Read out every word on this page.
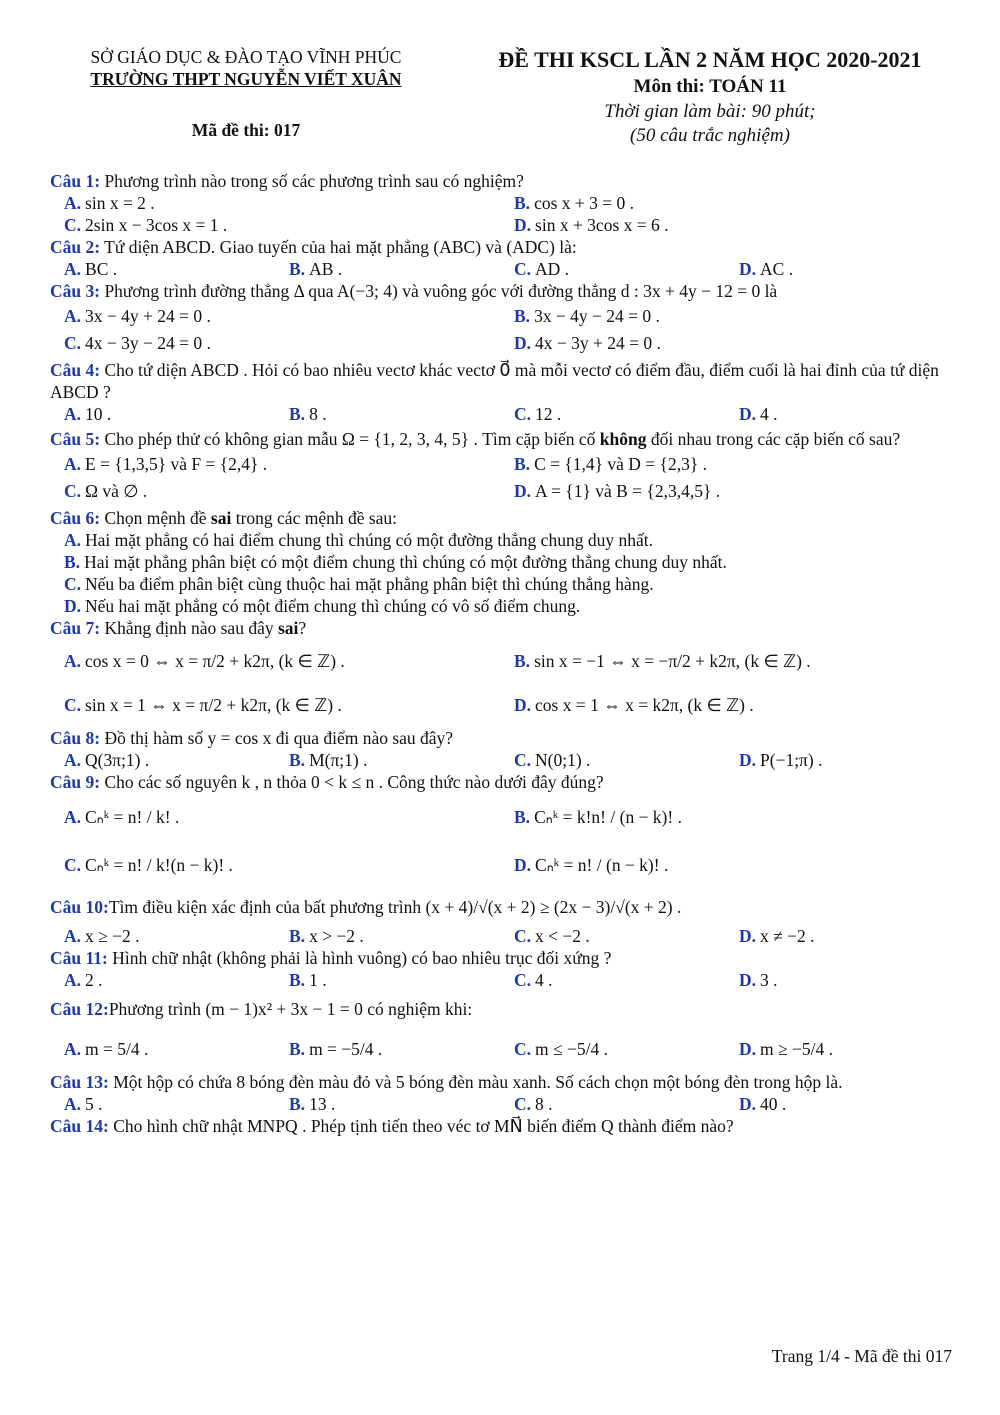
SỞ GIÁO DỤC & ĐÀO TẠO VĨNH PHÚC
TRƯỜNG THPT NGUYỄN VIẾT XUÂN
Mã đề thi: 017
ĐỀ THI KSCL LẦN 2 NĂM HỌC 2020-2021
Môn thi: TOÁN 11
Thời gian làm bài: 90 phút;
(50 câu trắc nghiệm)
Câu 1: Phương trình nào trong số các phương trình sau có nghiệm?
A. sin x = 2 .	B. cos x + 3 = 0 .
C. 2sin x − 3cos x = 1 .	D. sin x + 3cos x = 6 .
Câu 2: Tứ diện ABCD. Giao tuyến của hai mặt phẳng (ABC) và (ADC) là:
A. BC .	B. AB .	C. AD .	D. AC .
Câu 3: Phương trình đường thẳng Δ qua A(−3; 4) và vuông góc với đường thẳng d : 3x + 4y − 12 = 0 là
A. 3x − 4y + 24 = 0 .	B. 3x − 4y − 24 = 0 .
C. 4x − 3y − 24 = 0 .	D. 4x − 3y + 24 = 0 .
Câu 4: Cho tứ diện ABCD . Hỏi có bao nhiêu vectơ khác vectơ 0⃗ mà mỗi vectơ có điểm đầu, điểm cuối là hai đỉnh của tứ diện ABCD ?
A. 10 .	B. 8 .	C. 12 .	D. 4 .
Câu 5: Cho phép thử có không gian mẫu Ω = {1, 2, 3, 4, 5} . Tìm cặp biến cố không đối nhau trong các cặp biến cố sau?
A. E = {1,3,5} và F = {2,4} .	B. C = {1,4} và D = {2,3} .
C. Ω và ∅ .	D. A = {1} và B = {2,3,4,5} .
Câu 6: Chọn mệnh đề sai trong các mệnh đề sau:
A. Hai mặt phẳng có hai điểm chung thì chúng có một đường thẳng chung duy nhất.
B. Hai mặt phẳng phân biệt có một điểm chung thì chúng có một đường thẳng chung duy nhất.
C. Nếu ba điểm phân biệt cùng thuộc hai mặt phẳng phân biệt thì chúng thẳng hàng.
D. Nếu hai mặt phẳng có một điểm chung thì chúng có vô số điểm chung.
Câu 7: Khẳng định nào sau đây sai?
A. cos x = 0 ⇔ x = π/2 + k2π, (k ∈ ℤ) .	B. sin x = −1 ⇔ x = −π/2 + k2π, (k ∈ ℤ) .
C. sin x = 1 ⇔ x = π/2 + k2π, (k ∈ ℤ) .	D. cos x = 1 ⇔ x = k2π, (k ∈ ℤ) .
Câu 8: Đồ thị hàm số y = cos x đi qua điểm nào sau đây?
A. Q(3π;1) .	B. M(π;1) .	C. N(0;1) .	D. P(−1;π) .
Câu 9: Cho các số nguyên k , n thỏa 0 < k ≤ n . Công thức nào dưới đây đúng?
A. Cₙᵏ = n! / k! .	B. Cₙᵏ = k!n! / (n − k)! .
C. Cₙᵏ = n! / k!(n − k)! .	D. Cₙᵏ = n! / (n − k)! .
Câu 10: Tìm điều kiện xác định của bất phương trình (x + 4)/√(x + 2) ≥ (2x − 3)/√(x + 2) .
A. x ≥ −2 .	B. x > −2 .	C. x < −2 .	D. x ≠ −2 .
Câu 11: Hình chữ nhật (không phải là hình vuông) có bao nhiêu trục đối xứng ?
A. 2 .	B. 1 .	C. 4 .	D. 3 .
Câu 12: Phương trình (m − 1)x² + 3x − 1 = 0 có nghiệm khi:
A. m = 5/4 .	B. m = −5/4 .	C. m ≤ −5/4 .	D. m ≥ −5/4 .
Câu 13: Một hộp có chứa 8 bóng đèn màu đỏ và 5 bóng đèn màu xanh. Số cách chọn một bóng đèn trong hộp là.
A. 5 .	B. 13 .	C. 8 .	D. 40 .
Câu 14: Cho hình chữ nhật MNPQ . Phép tịnh tiến theo véc tơ MN⃗ biến điểm Q thành điểm nào?
Trang 1/4 - Mã đề thi 017
